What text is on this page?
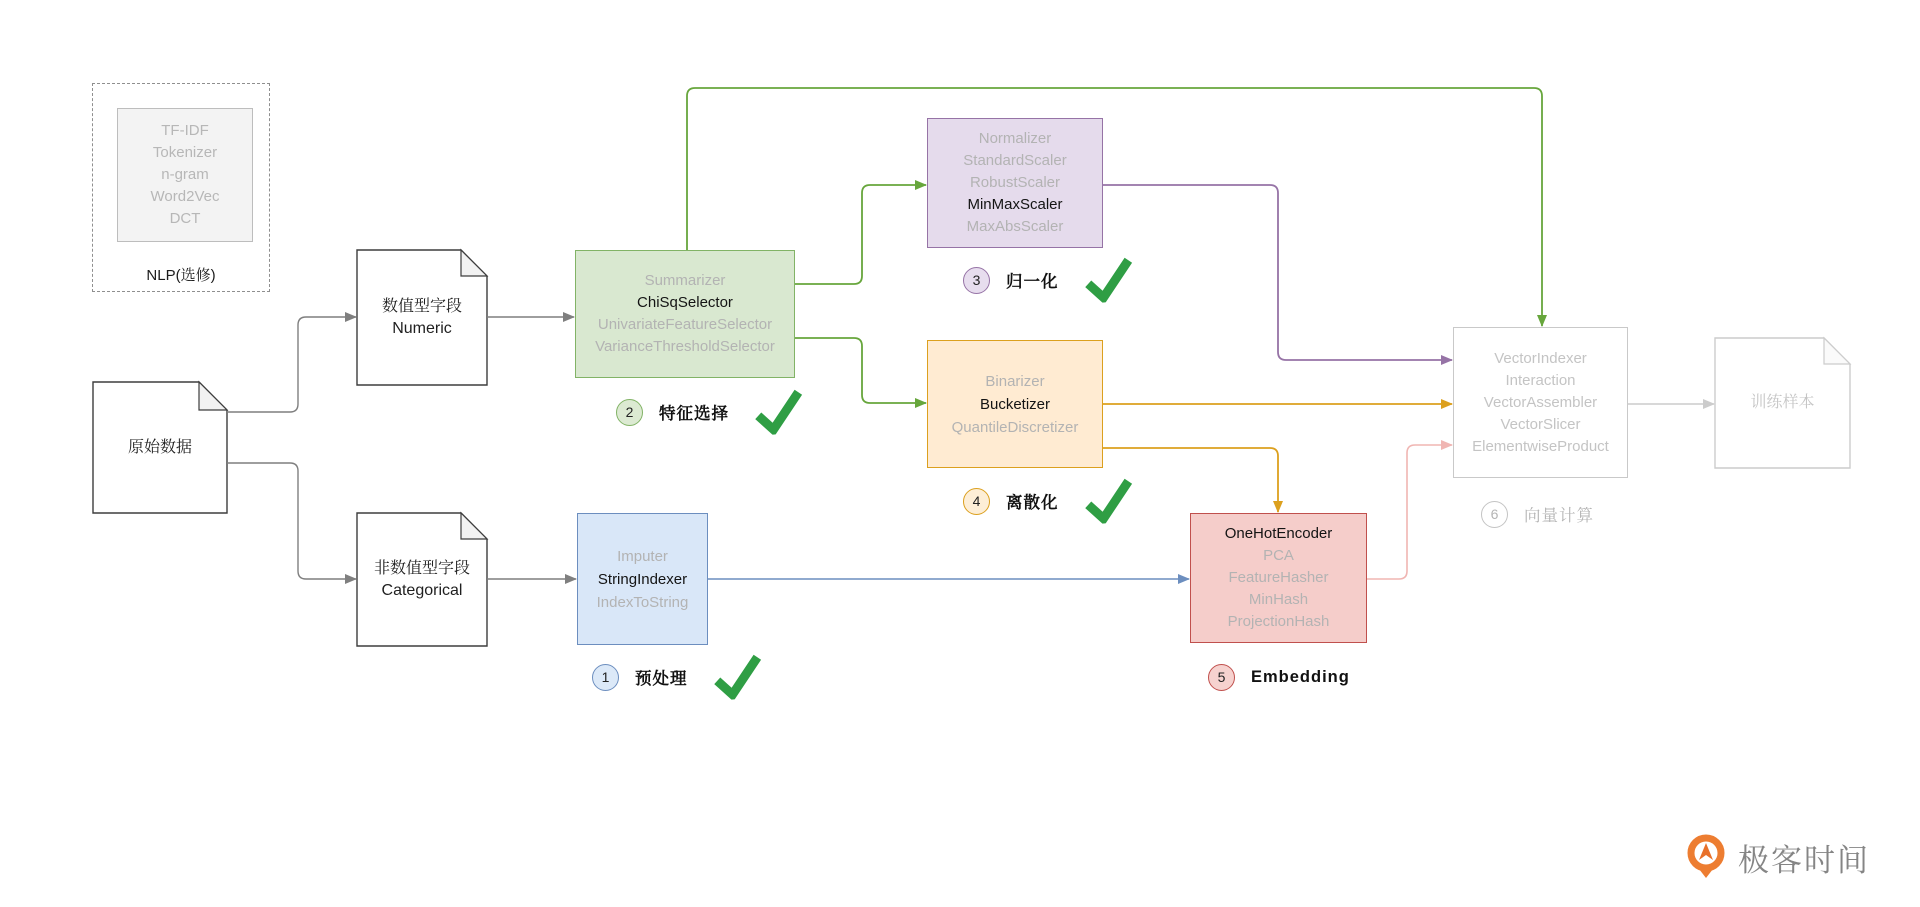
TF-IDF
Tokenizer
n-gram
Word2Vec
DCT
NLP(选修)
原始数据
数值型字段
Numeric
非数值型字段
Categorical
训练样本
Summarizer
ChiSqSelector
UnivariateFeatureSelector
VarianceThresholdSelector
Normalizer
StandardScaler
RobustScaler
MinMaxScaler
MaxAbsScaler
Binarizer
Bucketizer
QuantileDiscretizer
Imputer
StringIndexer
IndexToString
OneHotEncoder
PCA
FeatureHasher
MinHash
ProjectionHash
VectorIndexer
Interaction
VectorAssembler
VectorSlicer
ElementwiseProduct
1	预处理
2	特征选择
3	归一化
4	离散化
5	Embedding
6	向量计算
极客时间
